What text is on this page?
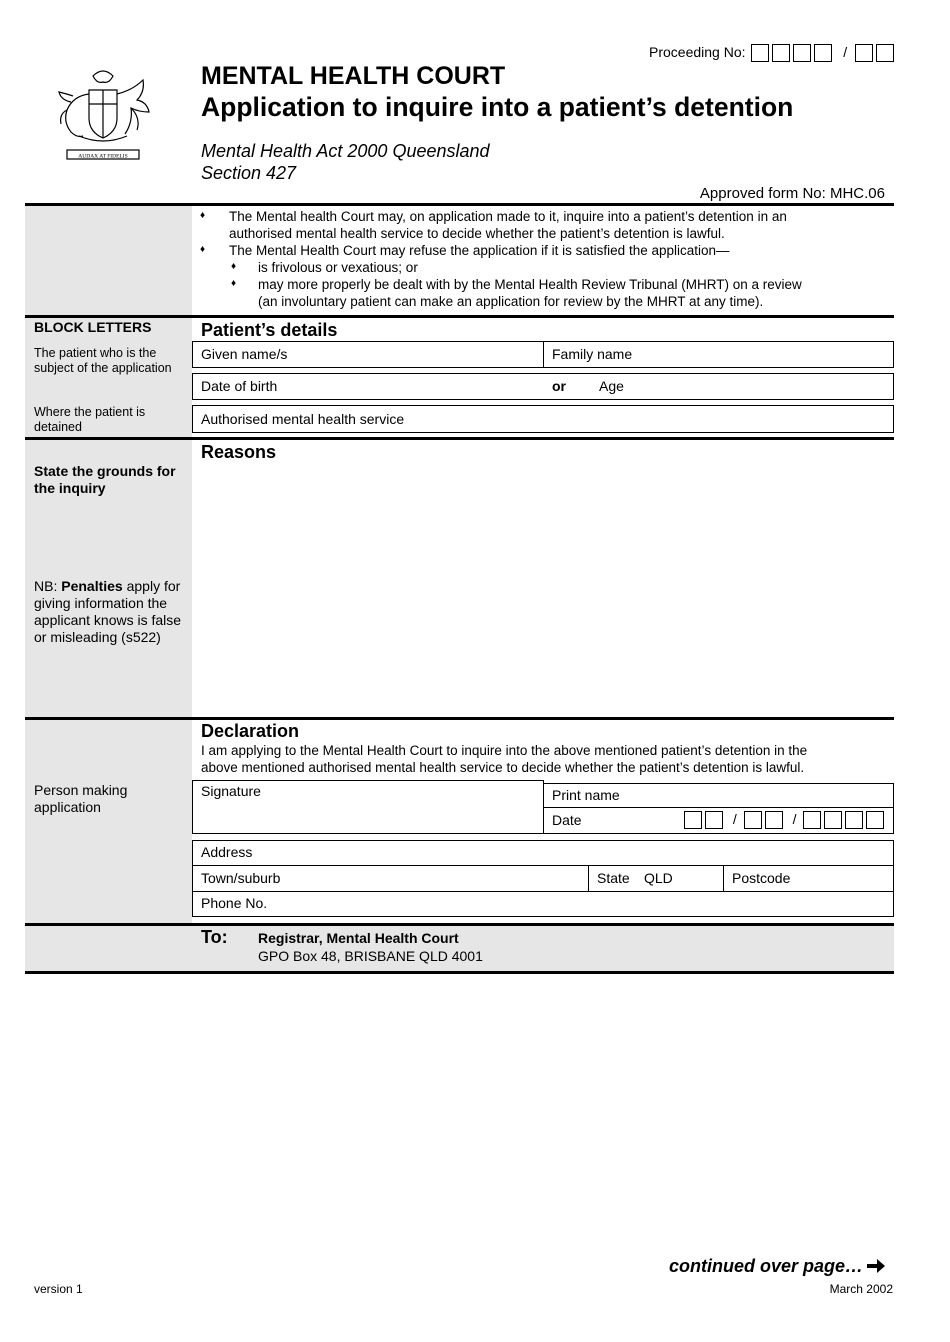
Proceeding No:	/
AUDAX AT FIDELIS
MENTAL HEALTH COURT
Application to inquire into a patient’s detention
Mental Health Act 2000 Queensland
Section 427
Approved form No: MHC.06
♦ The Mental health Court may, on application made to it, inquire into a patient’s detention in an
authorised mental health service to decide whether the patient’s detention is lawful.
♦ The Mental Health Court may refuse the application if it is satisfied the application—
♦ is frivolous or vexatious; or
♦ may more properly be dealt with by the Mental Health Review Tribunal (MHRT) on a review
(an involuntary patient can make an application for review by the MHRT at any time).
BLOCK LETTERS
The patient who is the subject of the application
Where the patient is detained
Patient’s details
Given name/s	Family name
Date of birth	or Age
Authorised mental health service
State the grounds for the inquiry
NB: Penalties apply for giving information the applicant knows is false or misleading (s522)
Reasons
Person making application
Declaration
I am applying to the Mental Health Court to inquire into the above mentioned patient’s detention in the
above mentioned authorised mental health service to decide whether the patient’s detention is lawful.
Signature	Print name
Date	/	/
Address
Town/suburb	State QLD	Postcode
Phone No.
To: Registrar, Mental Health Court
GPO Box 48, BRISBANE QLD 4001
continued over page…
version 1	March 2002
